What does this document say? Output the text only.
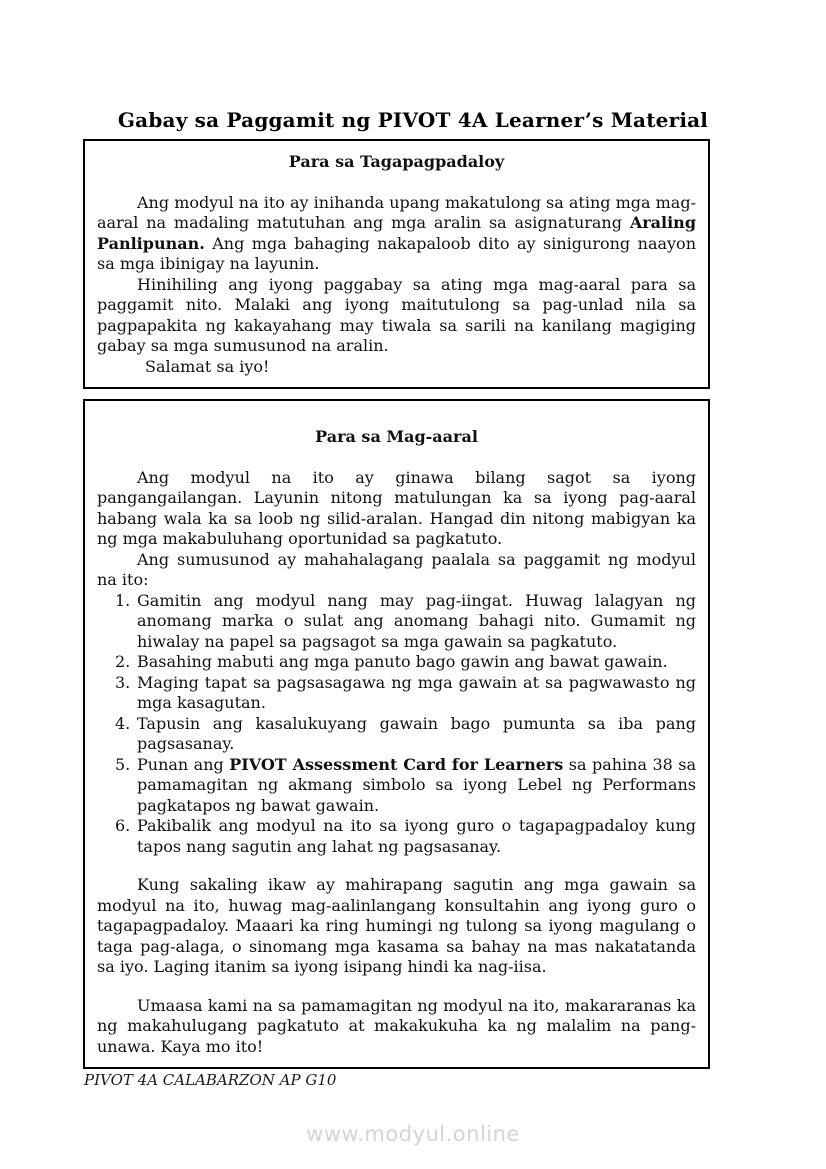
Gabay sa Paggamit ng PIVOT 4A Learner’s Material
Para sa Tagapagpadaloy

Ang modyul na ito ay inihanda upang makatulong sa ating mga mag-aaral na madaling matutuhan ang mga aralin sa asignaturang Araling Panlipunan. Ang mga bahaging nakapaloob dito ay sinigurong naayon sa mga ibinigay na layunin.

Hinihiling ang iyong paggabay sa ating mga mag-aaral para sa paggamit nito. Malaki ang iyong maitutulong sa pag-unlad nila sa pagpapakita ng kakayahang may tiwala sa sarili na kanilang magiging gabay sa mga sumusunod na aralin.

Salamat sa iyo!

Para sa Mag-aaral

Ang modyul na ito ay ginawa bilang sagot sa iyong pangangailangan. Layunin nitong matulungan ka sa iyong pag-aaral habang wala ka sa loob ng silid-aralan. Hangad din nitong mabigyan ka ng mga makabuluhang oportunidad sa pagkatuto.

Ang sumusunod ay mahahalagang paalala sa paggamit ng modyul na ito:

1. Gamitin ang modyul nang may pag-iingat. Huwag lalagyan ng anomang marka o sulat ang anomang bahagi nito. Gumamit ng hiwalay na papel sa pagsagot sa mga gawain sa pagkatuto.
2. Basahing mabuti ang mga panuto bago gawin ang bawat gawain.
3. Maging tapat sa pagsasagawa ng mga gawain at sa pagwawasto ng mga kasagutan.
4. Tapusin ang kasalukuyang gawain bago pumunta sa iba pang pagsasanay.
5. Punan ang PIVOT Assessment Card for Learners sa pahina 38 sa pamamagitan ng akmang simbolo sa iyong Lebel ng Performans pagkatapos ng bawat gawain.
6. Pakibalik ang modyul na ito sa iyong guro o tagapagpadaloy kung tapos nang sagutin ang lahat ng pagsasanay.

Kung sakaling ikaw ay mahirapang sagutin ang mga gawain sa modyul na ito, huwag mag-aalinlangang konsultahin ang iyong guro o tagapagpadaloy. Maaari ka ring humingi ng tulong sa iyong magulang o taga pag-alaga, o sinomang mga kasama sa bahay na mas nakatatanda sa iyo. Laging itanim sa iyong isipang hindi ka nag-iisa.

Umaasa kami na sa pamamagitan ng modyul na ito, makararanas ka ng makahulugang pagkatuto at makakukuha ka ng malalim na pang-unawa. Kaya mo ito!

PIVOT 4A CALABARZON AP G10
www.modyul.online
